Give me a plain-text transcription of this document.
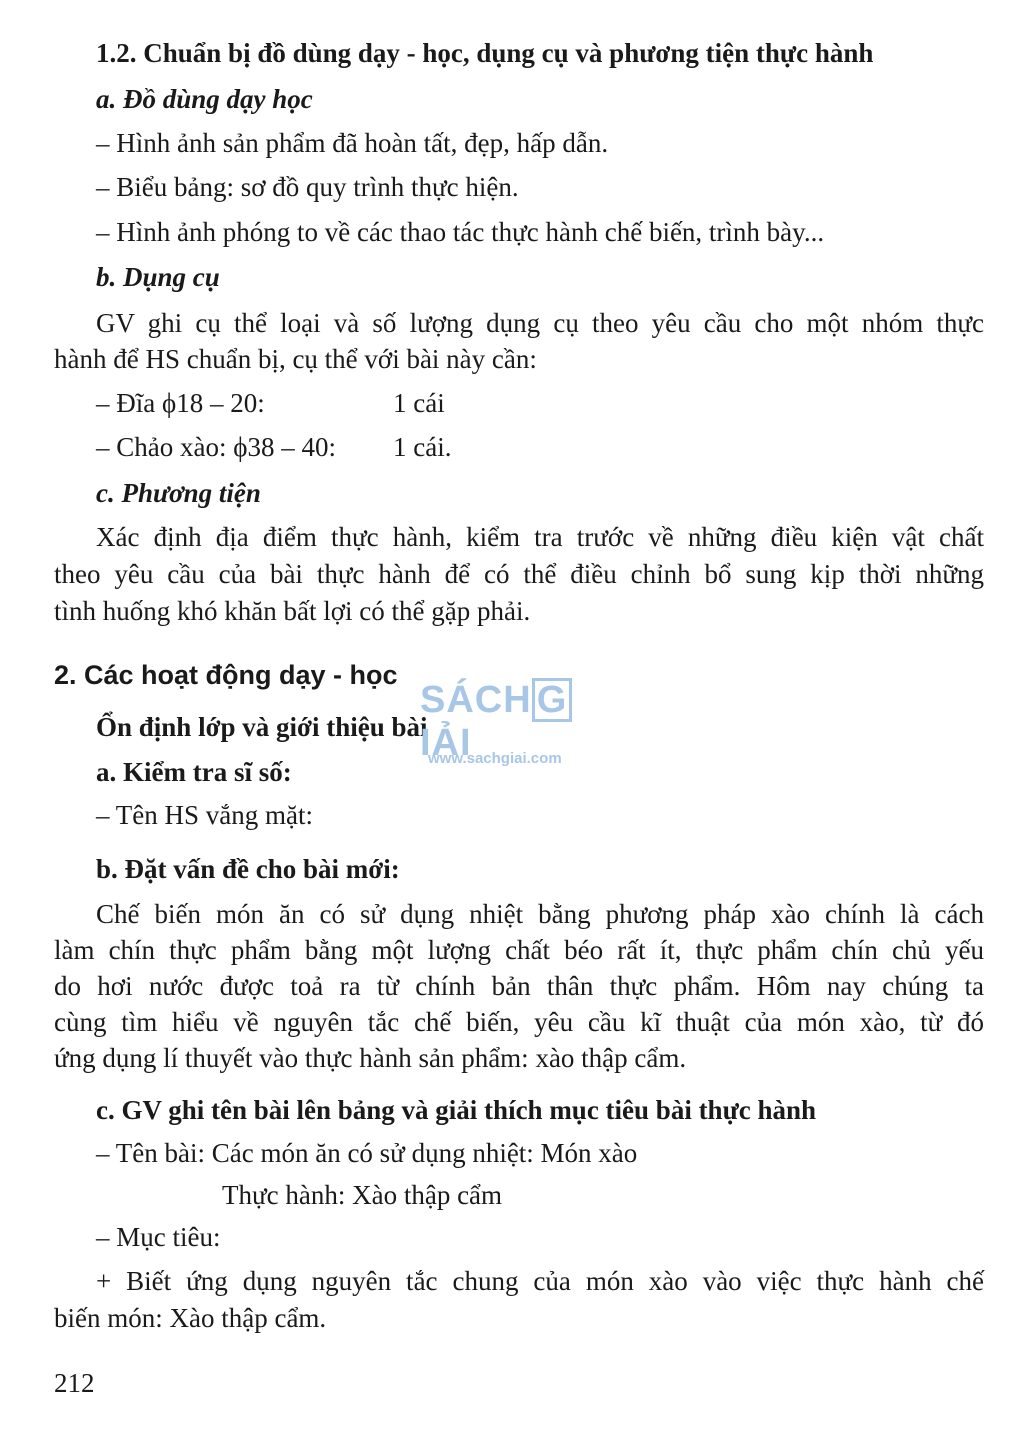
1.2. Chuẩn bị đồ dùng dạy - học, dụng cụ và phương tiện thực hành
a. Đồ dùng dạy học
– Hình ảnh sản phẩm đã hoàn tất, đẹp, hấp dẫn.
– Biểu bảng: sơ đồ quy trình thực hiện.
– Hình ảnh phóng to về các thao tác thực hành chế biến, trình bày...
b. Dụng cụ
GV ghi cụ thể loại và số lượng dụng cụ theo yêu cầu cho một nhóm thực
hành để HS chuẩn bị, cụ thể với bài này cần:
– Đĩa ϕ18 – 20:	1 cái
– Chảo xào: ϕ38 – 40: 1 cái.
c. Phương tiện
Xác định địa điểm thực hành, kiểm tra trước về những điều kiện vật chất
theo yêu cầu của bài thực hành để có thể điều chỉnh bổ sung kịp thời những
tình huống khó khăn bất lợi có thể gặp phải.
2. Các hoạt động dạy - học
Ổn định lớp và giới thiệu bài
a. Kiểm tra sĩ số:
– Tên HS vắng mặt:
b. Đặt vấn đề cho bài mới:
Chế biến món ăn có sử dụng nhiệt bằng phương pháp xào chính là cách
làm chín thực phẩm bằng một lượng chất béo rất ít, thực phẩm chín chủ yếu
do hơi nước được toả ra từ chính bản thân thực phẩm. Hôm nay chúng ta
cùng tìm hiểu về nguyên tắc chế biến, yêu cầu kĩ thuật của món xào, từ đó
ứng dụng lí thuyết vào thực hành sản phẩm: xào thập cẩm.
c. GV ghi tên bài lên bảng và giải thích mục tiêu bài thực hành
– Tên bài: Các món ăn có sử dụng nhiệt: Món xào
Thực hành: Xào thập cẩm
– Mục tiêu:
+ Biết ứng dụng nguyên tắc chung của món xào vào việc thực hành chế
biến món: Xào thập cẩm.
SÁCH GIẢI
www.sachgiai.com
212
